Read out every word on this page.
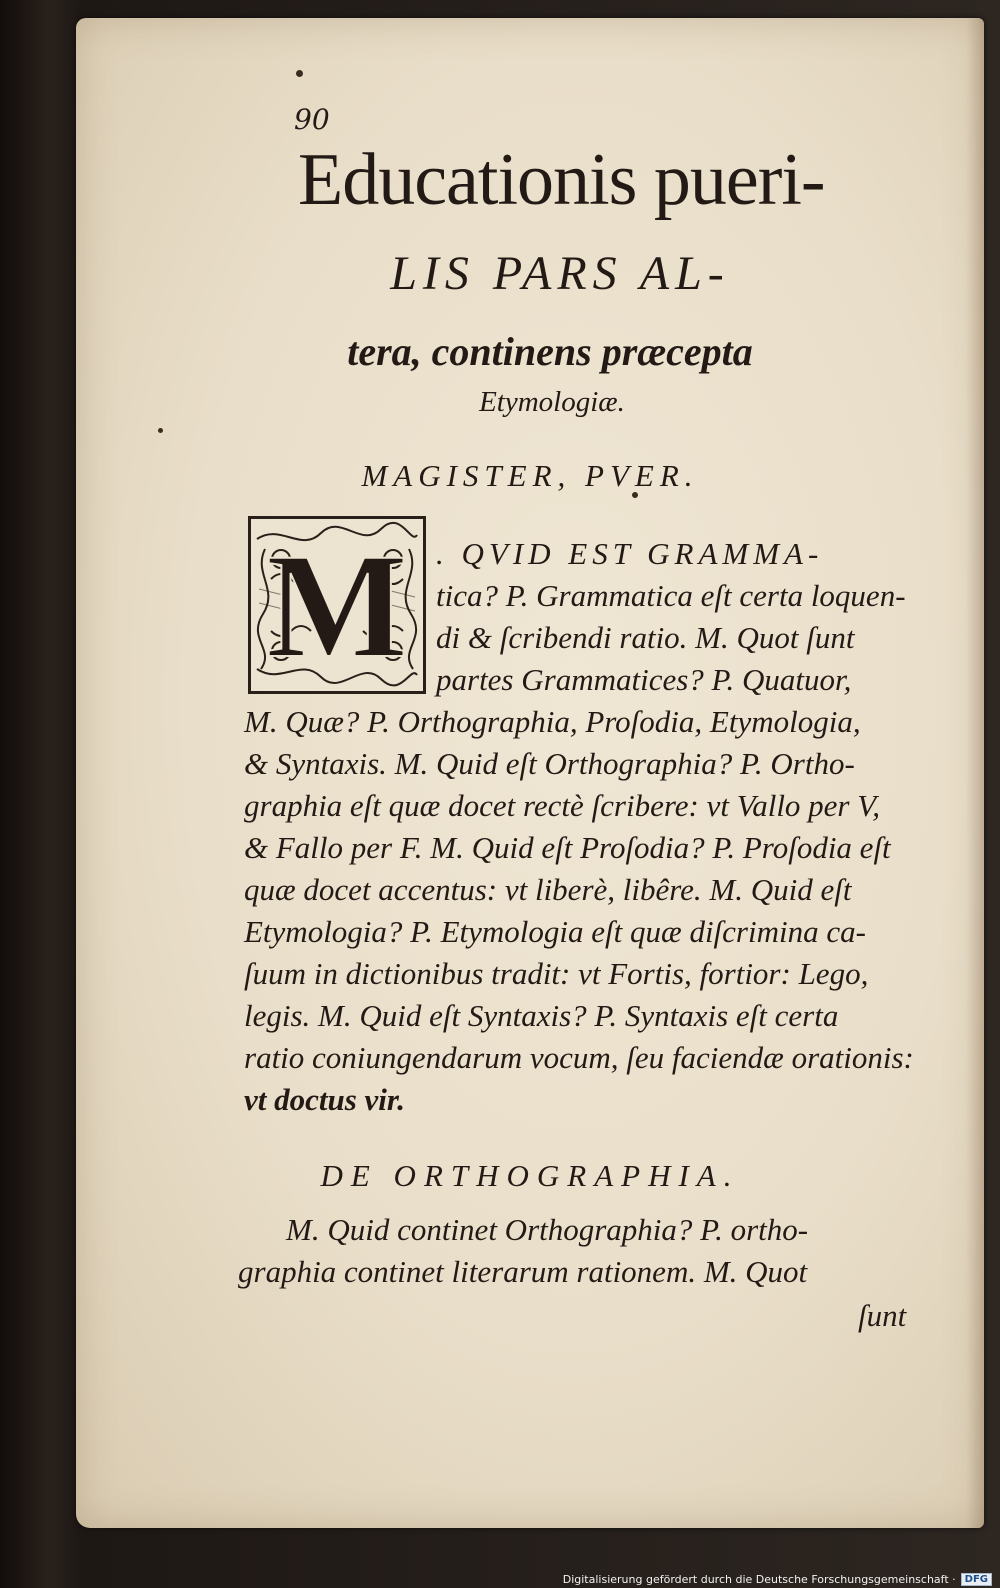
90
Educationis pueri-
LIS PARS AL-
tera, continens præcepta
Etymologiæ.
MAGISTER, PVER.
M . QVID EST GRAMMA-
tica? P. Grammatica eſt certa loquen-
di & ſcribendi ratio. M. Quot ſunt
partes Grammatices? P. Quatuor,
M. Quæ? P. Orthographia, Proſodia, Etymologia,
& Syntaxis. M. Quid eſt Orthographia? P. Ortho-
graphia eſt quæ docet rectè ſcribere: vt Vallo per V,
& Fallo per F. M. Quid eſt Proſodia? P. Proſodia eſt
quæ docet accentus: vt liberè, libêre. M. Quid eſt
Etymologia? P. Etymologia eſt quæ diſcrimina ca-
ſuum in dictionibus tradit: vt Fortis, fortior: Lego,
legis. M. Quid eſt Syntaxis? P. Syntaxis eſt certa
ratio coniungendarum vocum, ſeu faciendæ orationis:
vt doctus vir.
DE ORTHOGRAPHIA.
M. Quid continet Orthographia? P. ortho-
graphia continet literarum rationem. M. Quot
ſunt
Digitalisierung gefördert durch die Deutsche Forschungsgemeinschaft · DFG
